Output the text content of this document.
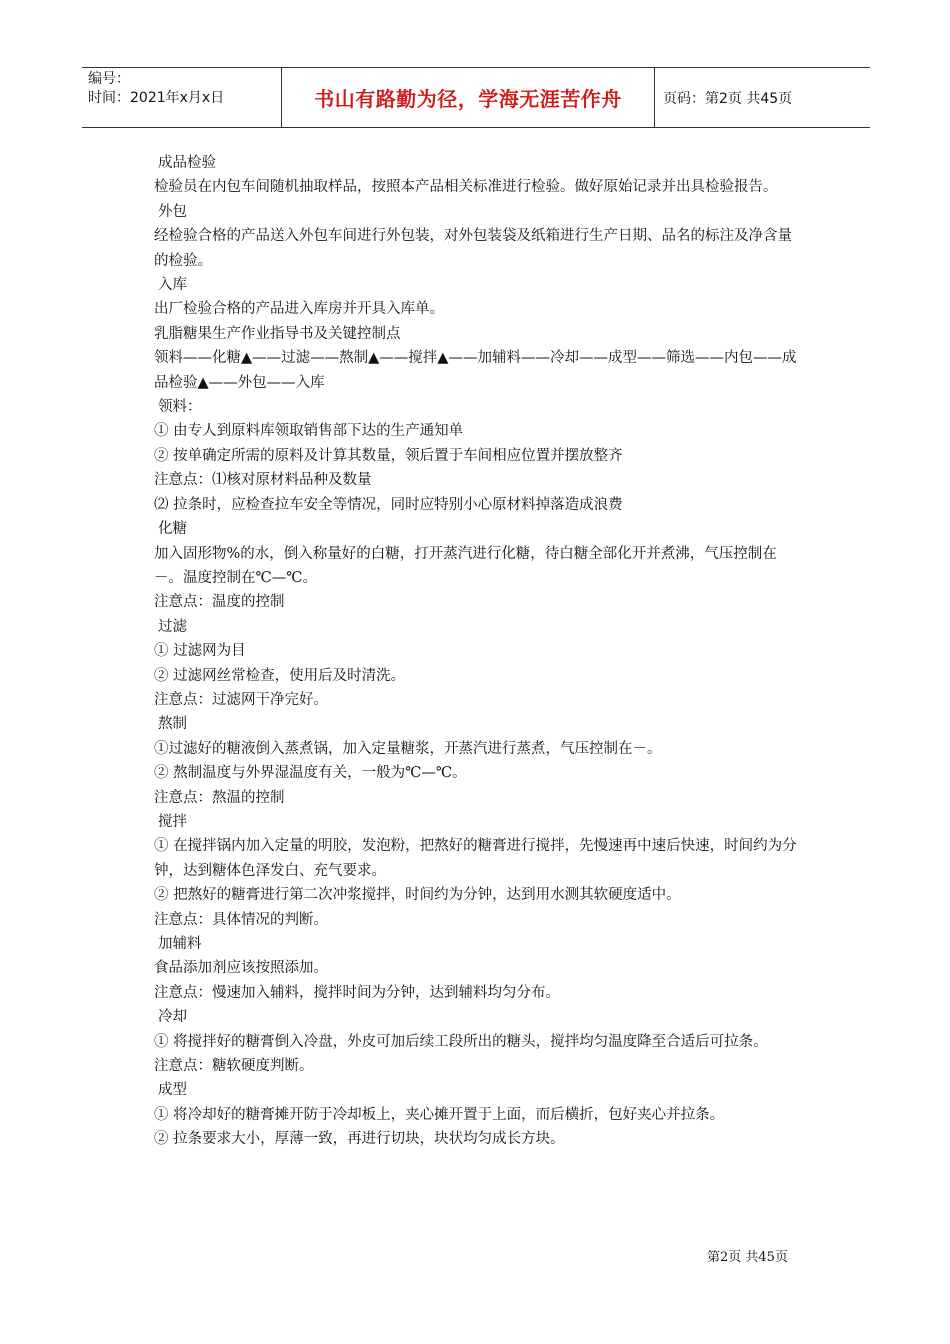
编号：
时间：2021年x月x日	书山有路勤为径，学海无涯苦作舟	页码：第2页 共45页

成品检验

检验员在内包车间随机抽取样品，按照本产品相关标准进行检验。做好原始记录并出具检验报告。

外包

经检验合格的产品送入外包车间进行外包装，对外包装袋及纸箱进行生产日期、品名的标注及净含量的检验。

入库

出厂检验合格的产品进入库房并开具入库单。

乳脂糖果生产作业指导书及关键控制点

领料——化糖▲——过滤——熬制▲——搅拌▲——加辅料——冷却——成型——筛选——内包——成品检验▲——外包——入库

领料：

① 由专人到原料库领取销售部下达的生产通知单

② 按单确定所需的原料及计算其数量，领后置于车间相应位置并摆放整齐

注意点：⑴核对原材料品种及数量

⑵ 拉条时，应检查拉车安全等情况，同时应特别小心原材料掉落造成浪费

化糖

加入固形物%的水，倒入称量好的白糖，打开蒸汽进行化糖，待白糖全部化开并煮沸，气压控制在－。温度控制在℃—℃。

注意点：温度的控制

过滤

① 过滤网为目

② 过滤网丝常检查，使用后及时清洗。

注意点：过滤网干净完好。

熬制

①过滤好的糖液倒入蒸煮锅，加入定量糖浆，开蒸汽进行蒸煮，气压控制在－。

② 熬制温度与外界湿温度有关，一般为℃—℃。

注意点：熬温的控制

搅拌

① 在搅拌锅内加入定量的明胶，发泡粉，把熬好的糖膏进行搅拌，先慢速再中速后快速，时间约为分钟，达到糖体色泽发白、充气要求。

② 把熬好的糖膏进行第二次冲浆搅拌，时间约为分钟，达到用水测其软硬度适中。

注意点：具体情况的判断。

加辅料

食品添加剂应该按照添加。

注意点：慢速加入辅料，搅拌时间为分钟，达到辅料均匀分布。

冷却

① 将搅拌好的糖膏倒入冷盘，外皮可加后续工段所出的糖头，搅拌均匀温度降至合适后可拉条。

注意点：糖软硬度判断。

成型

① 将冷却好的糖膏摊开防于冷却板上，夹心摊开置于上面，而后横折，包好夹心并拉条。

② 拉条要求大小，厚薄一致，再进行切块，块状均匀成长方块。

第2页 共45页
